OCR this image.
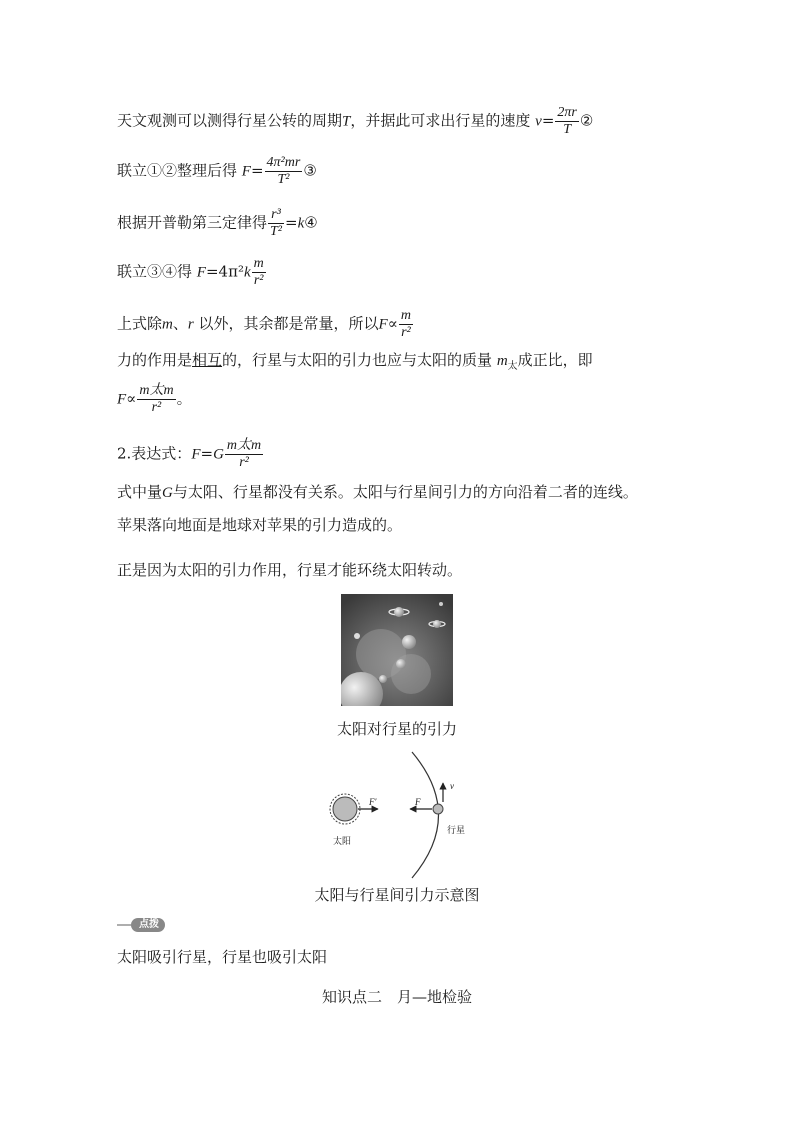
天文观测可以测得行星公转的周期T，并据此可求出行星的速度 $v= \frac{2\pi r}{T}$ ②
联立①②整理后得 $F= \frac{\text{4π²mr}}{\text{T²}}$ ③
根据开普勒第三定律得 $\frac{\text{r³}}{\text{T²}}$ =k④
联立③④得 $F=4\pi^2k \frac{m}{\text{r²}}$
上式除m、r 以外，其余都是常量，所以$F\propto \frac{m}{\text{r²}}$
力的作用是相互的，行星与太阳的引力也应与太阳的质量 $m_太$成正比，即
$F\propto \frac{\text{m太m}}{\text{r²}}$ 。
2.表达式：$F=G \frac{\text{m太m}}{\text{r²}}$
式中量G与太阳、行星都没有关系。太阳与行星间引力的方向沿着二者的连线。
苹果落向地面是地球对苹果的引力造成的。
正是因为太阳的引力作用，行星才能环绕太阳转动。
太阳对行星的引力
太阳
行星
F′	F
v
太阳与行星间引力示意图
点拨
太阳吸引行星，行星也吸引太阳
知识点二　月—地检验
